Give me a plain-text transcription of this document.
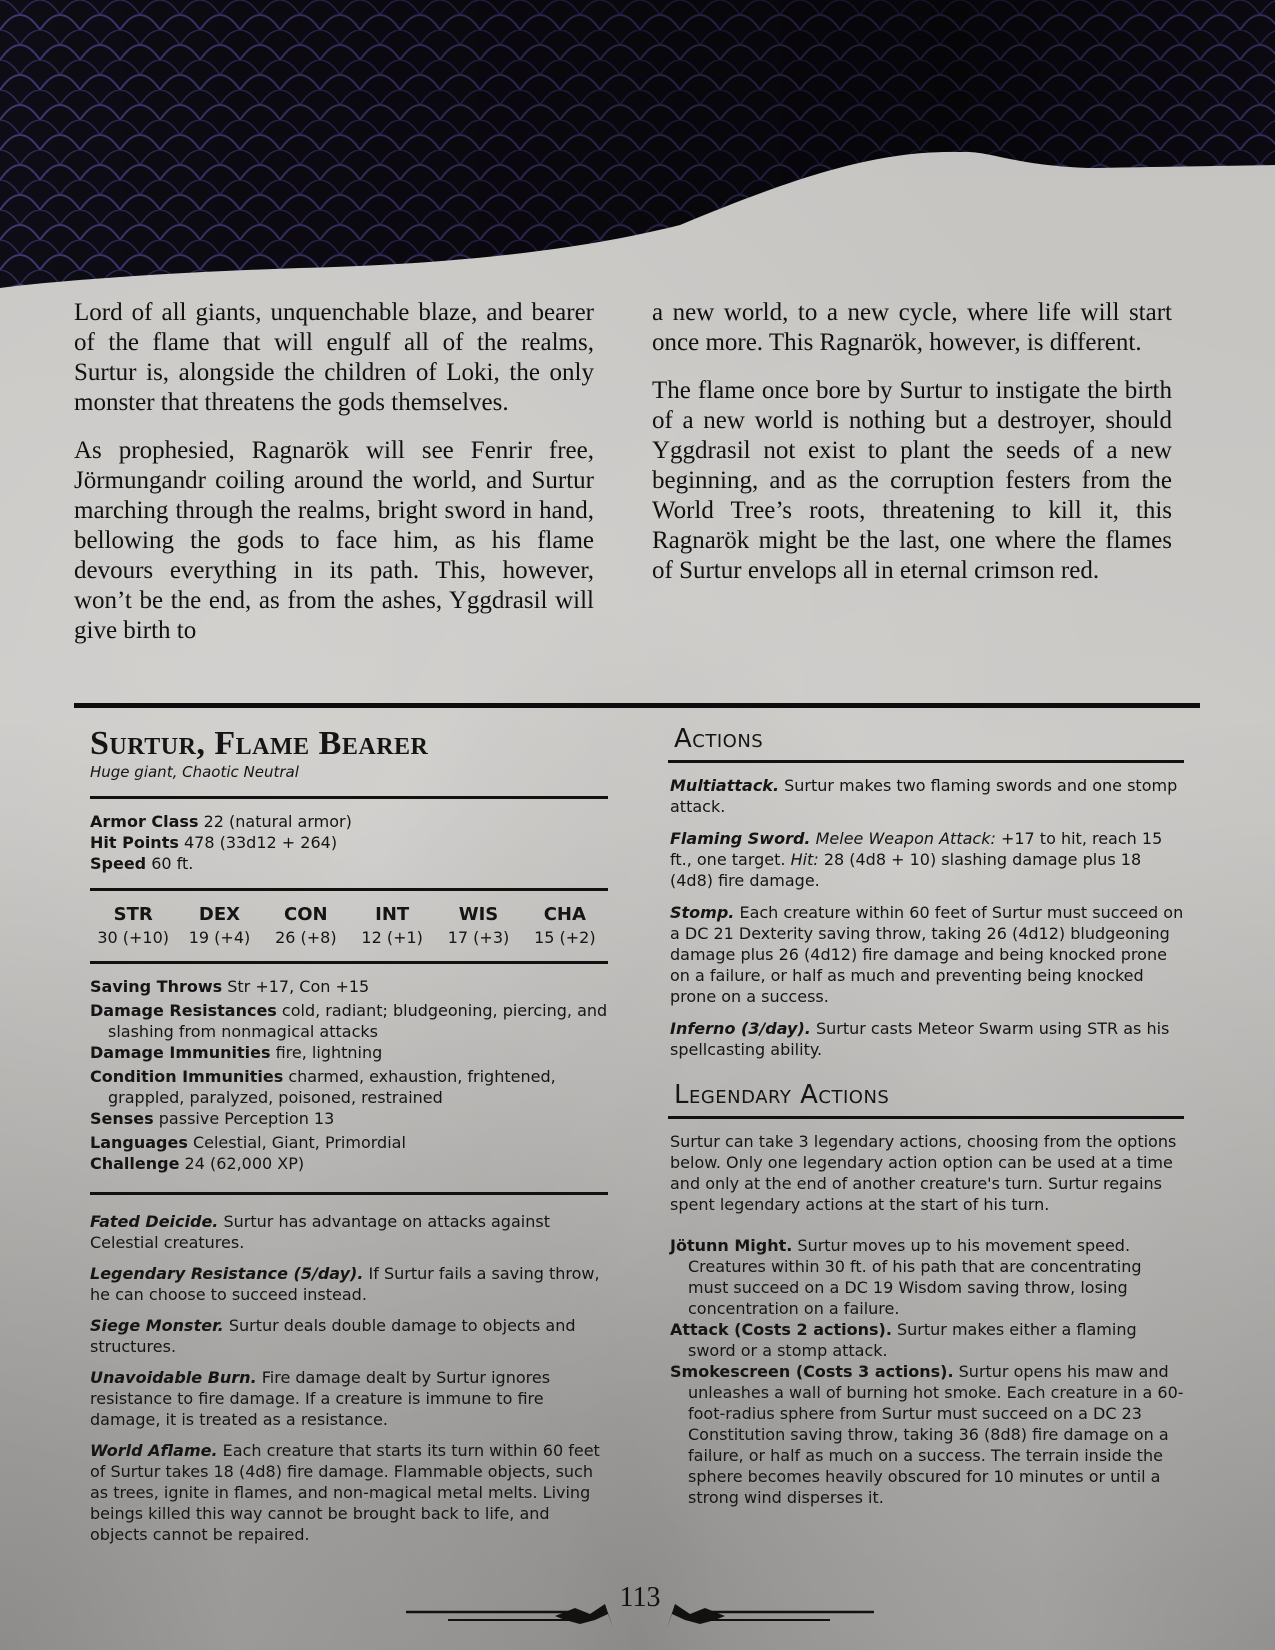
Lord of all giants, unquenchable blaze, and bearer of the flame that will engulf all of the realms, Surtur is, alongside the children of Loki, the only monster that threatens the gods themselves.

As prophesied, Ragnarök will see Fenrir free, Jörmungandr coiling around the world, and Surtur marching through the realms, bright sword in hand, bellowing the gods to face him, as his flame devours everything in its path. This, however, won’t be the end, as from the ashes, Yggdrasil will give birth to

a new world, to a new cycle, where life will start once more. This Ragnarök, however, is different.

The flame once bore by Surtur to instigate the birth of a new world is nothing but a destroyer, should Yggdrasil not exist to plant the seeds of a new beginning, and as the corruption festers from the World Tree’s roots, threatening to kill it, this Ragnarök might be the last, one where the flames of Surtur envelops all in eternal crimson red.

Surtur, Flame Bearer
Huge giant, Chaotic Neutral

Armor Class 22 (natural armor)

Hit Points 478 (33d12 + 264)

Speed 60 ft.

STR
30 (+10)
DEX
19 (+4)
CON
26 (+8)
INT
12 (+1)
WIS
17 (+3)
CHA
15 (+2)

Saving Throws Str +17, Con +15

Damage Resistances cold, radiant; bludgeoning, piercing, and slashing from nonmagical attacks

Damage Immunities fire, lightning

Condition Immunities charmed, exhaustion, frightened, grappled, paralyzed, poisoned, restrained

Senses passive Perception 13

Languages Celestial, Giant, Primordial

Challenge 24 (62,000 XP)

Fated Deicide. Surtur has advantage on attacks against Celestial creatures.

Legendary Resistance (5/day). If Surtur fails a saving throw, he can choose to succeed instead.

Siege Monster. Surtur deals double damage to objects and structures.

Unavoidable Burn. Fire damage dealt by Surtur ignores resistance to fire damage. If a creature is immune to fire damage, it is treated as a resistance.

World Aflame. Each creature that starts its turn within 60 feet of Surtur takes 18 (4d8) fire damage. Flammable objects, such as trees, ignite in flames, and non-magical metal melts. Living beings killed this way cannot be brought back to life, and objects cannot be repaired.

Actions

Multiattack. Surtur makes two flaming swords and one stomp attack.

Flaming Sword. Melee Weapon Attack: +17 to hit, reach 15 ft., one target. Hit: 28 (4d8 + 10) slashing damage plus 18 (4d8) fire damage.

Stomp. Each creature within 60 feet of Surtur must succeed on a DC 21 Dexterity saving throw, taking 26 (4d12) bludgeoning damage plus 26 (4d12) fire damage and being knocked prone on a failure, or half as much and preventing being knocked prone on a success.

Inferno (3/day). Surtur casts Meteor Swarm using STR as his spellcasting ability.

Legendary Actions

Surtur can take 3 legendary actions, choosing from the options below. Only one legendary action option can be used at a time and only at the end of another creature's turn. Surtur regains spent legendary actions at the start of his turn.

Jötunn Might. Surtur moves up to his movement speed. Creatures within 30 ft. of his path that are concentrating must succeed on a DC 19 Wisdom saving throw, losing concentration on a failure.

Attack (Costs 2 actions). Surtur makes either a flaming sword or a stomp attack.

Smokescreen (Costs 3 actions). Surtur opens his maw and unleashes a wall of burning hot smoke. Each creature in a 60-foot-radius sphere from Surtur must succeed on a DC 23 Constitution saving throw, taking 36 (8d8) fire damage on a failure, or half as much on a success. The terrain inside the sphere becomes heavily obscured for 10 minutes or until a strong wind disperses it.

113
